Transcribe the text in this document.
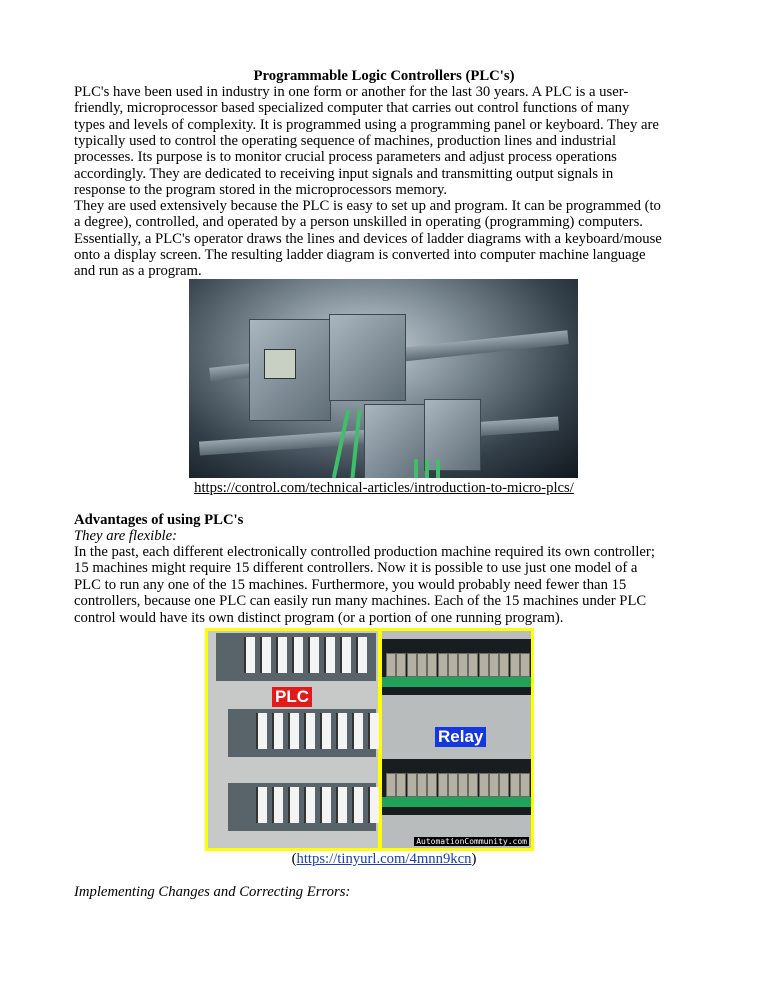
Programmable Logic Controllers (PLC's)
PLC's have been used in industry in one form or another for the last 30 years. A PLC is a user-
friendly, microprocessor based specialized computer that carries out control functions of many
types and levels of complexity. It is programmed using a programming panel or keyboard. They are
typically used to control the operating sequence of machines, production lines and industrial
processes. Its purpose is to monitor crucial process parameters and adjust process operations
accordingly. They are dedicated to receiving input signals and transmitting output signals in
response to the program stored in the microprocessors memory.
They are used extensively because the PLC is easy to set up and program. It can be programmed (to
a degree), controlled, and operated by a person unskilled in operating (programming) computers.
Essentially, a PLC's operator draws the lines and devices of ladder diagrams with a keyboard/mouse
onto a display screen. The resulting ladder diagram is converted into computer machine language
and run as a program.
https://control.com/technical-articles/introduction-to-micro-plcs/
Advantages of using PLC's
They are flexible:
In the past, each different electronically controlled production machine required its own controller;
15 machines might require 15 different controllers. Now it is possible to use just one model of a
PLC to run any one of the 15 machines. Furthermore, you would probably need fewer than 15
controllers, because one PLC can easily run many machines. Each of the 15 machines under PLC
control would have its own distinct program (or a portion of one running program).
PLC
Relay
AutomationCommunity.com
(https://tinyurl.com/4mnn9kcn)
Implementing Changes and Correcting Errors:
